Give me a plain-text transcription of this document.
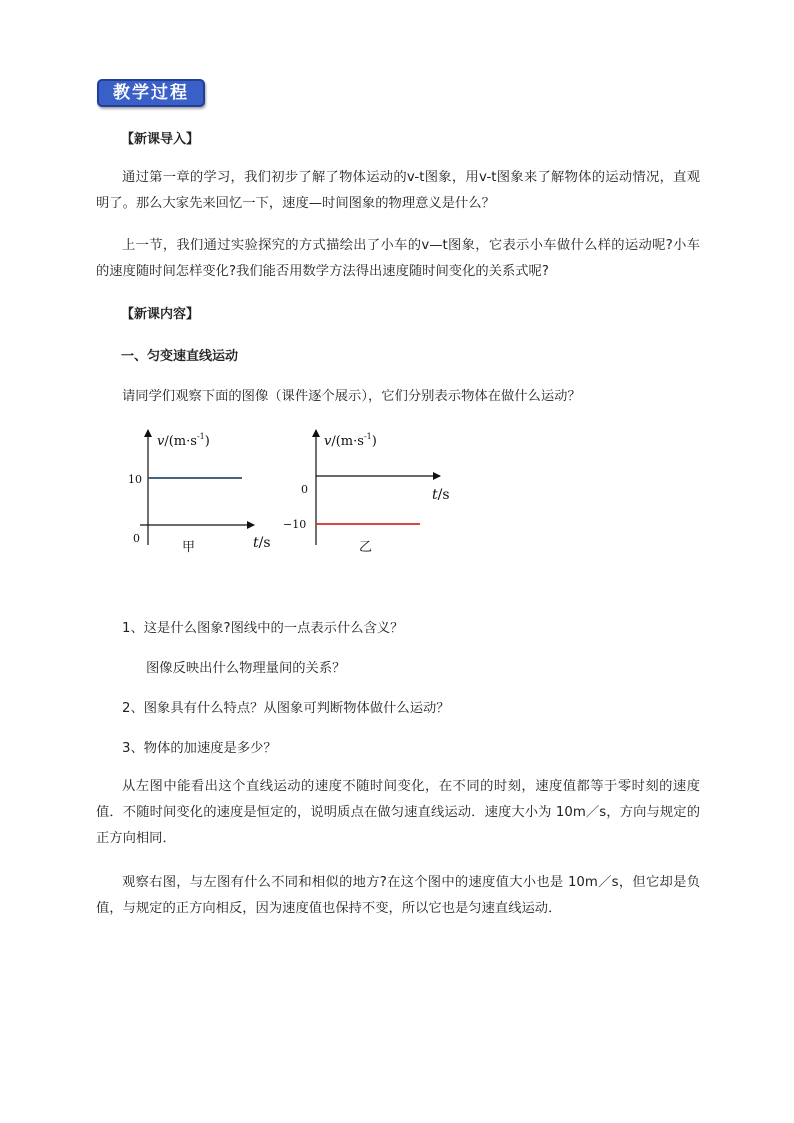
教学过程
【新课导入】
通过第一章的学习，我们初步了解了物体运动的v-t图象，用v-t图象来了解物体的运动情况，直观明了。那么大家先来回忆一下，速度—时间图象的物理意义是什么？
上一节，我们通过实验探究的方式描绘出了小车的v—t图象，它表示小车做什么样的运动呢?小车的速度随时间怎样变化?我们能否用数学方法得出速度随时间变化的关系式呢?
【新课内容】
一、匀变速直线运动
请同学们观察下面的图像（课件逐个展示），它们分别表示物体在做什么运动？
$v/(m\cdot s^{-1})$
10
0
甲	t/s
$v/(m\cdot s^{-1})$
0
−10
t/s
乙
1、这是什么图象?图线中的一点表示什么含义？
图像反映出什么物理量间的关系？
2、图象具有什么特点？从图象可判断物体做什么运动？
3、物体的加速度是多少？
从左图中能看出这个直线运动的速度不随时间变化，在不同的时刻，速度值都等于零时刻的速度值．不随时间变化的速度是恒定的，说明质点在做匀速直线运动．速度大小为 10m／s，方向与规定的正方向相同．
观察右图，与左图有什么不同和相似的地方?在这个图中的速度值大小也是 10m／s，但它却是负值，与规定的正方向相反，因为速度值也保持不变，所以它也是匀速直线运动．
